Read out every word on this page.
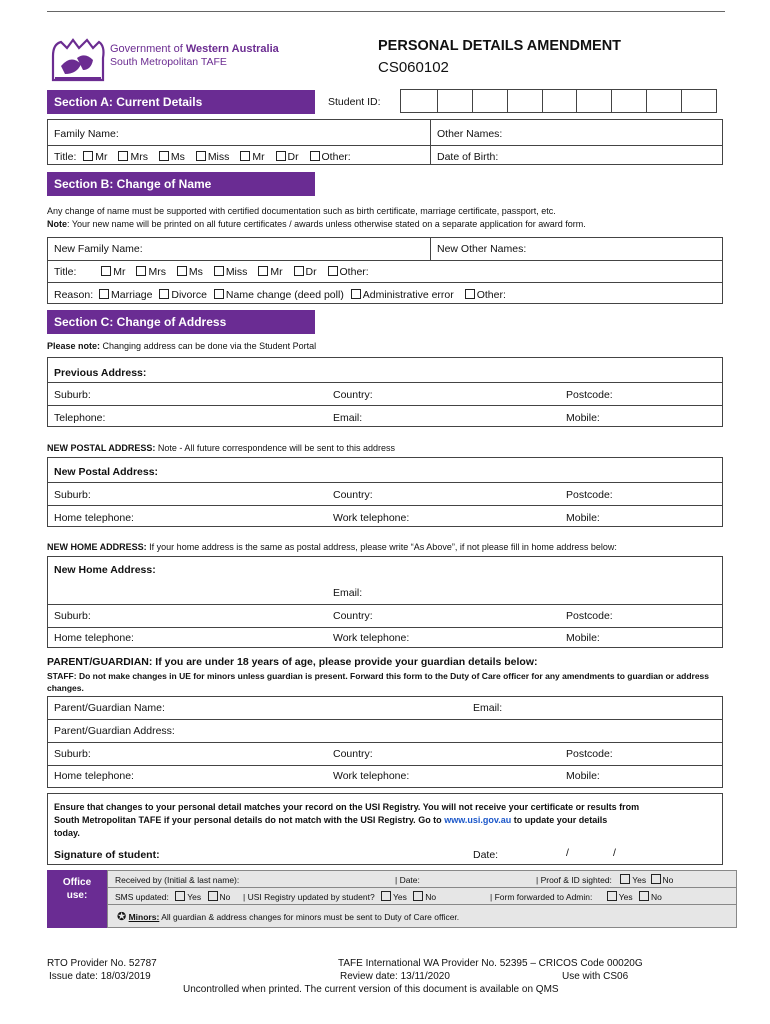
Government of Western Australia
South Metropolitan TAFE
PERSONAL DETAILS AMENDMENT
CS060102
Section A: Current Details	Student ID:
Family Name:	Other Names:
Title: Mr Mrs Ms Miss Mr Dr Other:	Date of Birth:
Section B: Change of Name
Any change of name must be supported with certified documentation such as birth certificate, marriage certificate, passport, etc.
Note: Your new name will be printed on all future certificates / awards unless otherwise stated on a separate application for award form.
New Family Name:	New Other Names:
Title:	Mr Mrs Ms Miss Mr Dr Other:
Reason: Marriage Divorce Name change (deed poll) Administrative error Other:
Section C: Change of Address
Please note: Changing address can be done via the Student Portal
Previous Address:
Suburb:	Country:	Postcode:
Telephone:	Email:	Mobile:
NEW POSTAL ADDRESS: Note - All future correspondence will be sent to this address
New Postal Address:
Suburb:	Country:	Postcode:
Home telephone:	Work telephone:	Mobile:
NEW HOME ADDRESS: If your home address is the same as postal address, please write “As Above”, if not please fill in home address below:
New Home Address:
Email:
Suburb:	Country:	Postcode:
Home telephone:	Work telephone:	Mobile:
PARENT/GUARDIAN: If you are under 18 years of age, please provide your guardian details below:
STAFF: Do not make changes in UE for minors unless guardian is present. Forward this form to the Duty of Care officer for any amendments to guardian or address changes.
Parent/Guardian Name:	Email:
Parent/Guardian Address:
Suburb:	Country:	Postcode:
Home telephone:	Work telephone:	Mobile:
Ensure that changes to your personal detail matches your record on the USI Registry. You will not receive your certificate or results from
South Metropolitan TAFE if your personal details do not match with the USI Registry. Go to www.usi.gov.au to update your details
today.
Signature of student:	Date:	/	/
Office
use:
Received by (Initial & last name):	| Date:	| Proof & ID sighted: Yes No
SMS updated: Yes No | USI Registry updated by student? Yes No	| Form forwarded to Admin:	Yes No
✪ Minors: All guardian & address changes for minors must be sent to Duty of Care officer.
RTO Provider No. 52787
Issue date: 18/03/2019
TAFE International WA Provider No. 52395 – CRICOS Code 00020G
Review date: 13/11/2020	Use with CS06
Uncontrolled when printed. The current version of this document is available on QMS
